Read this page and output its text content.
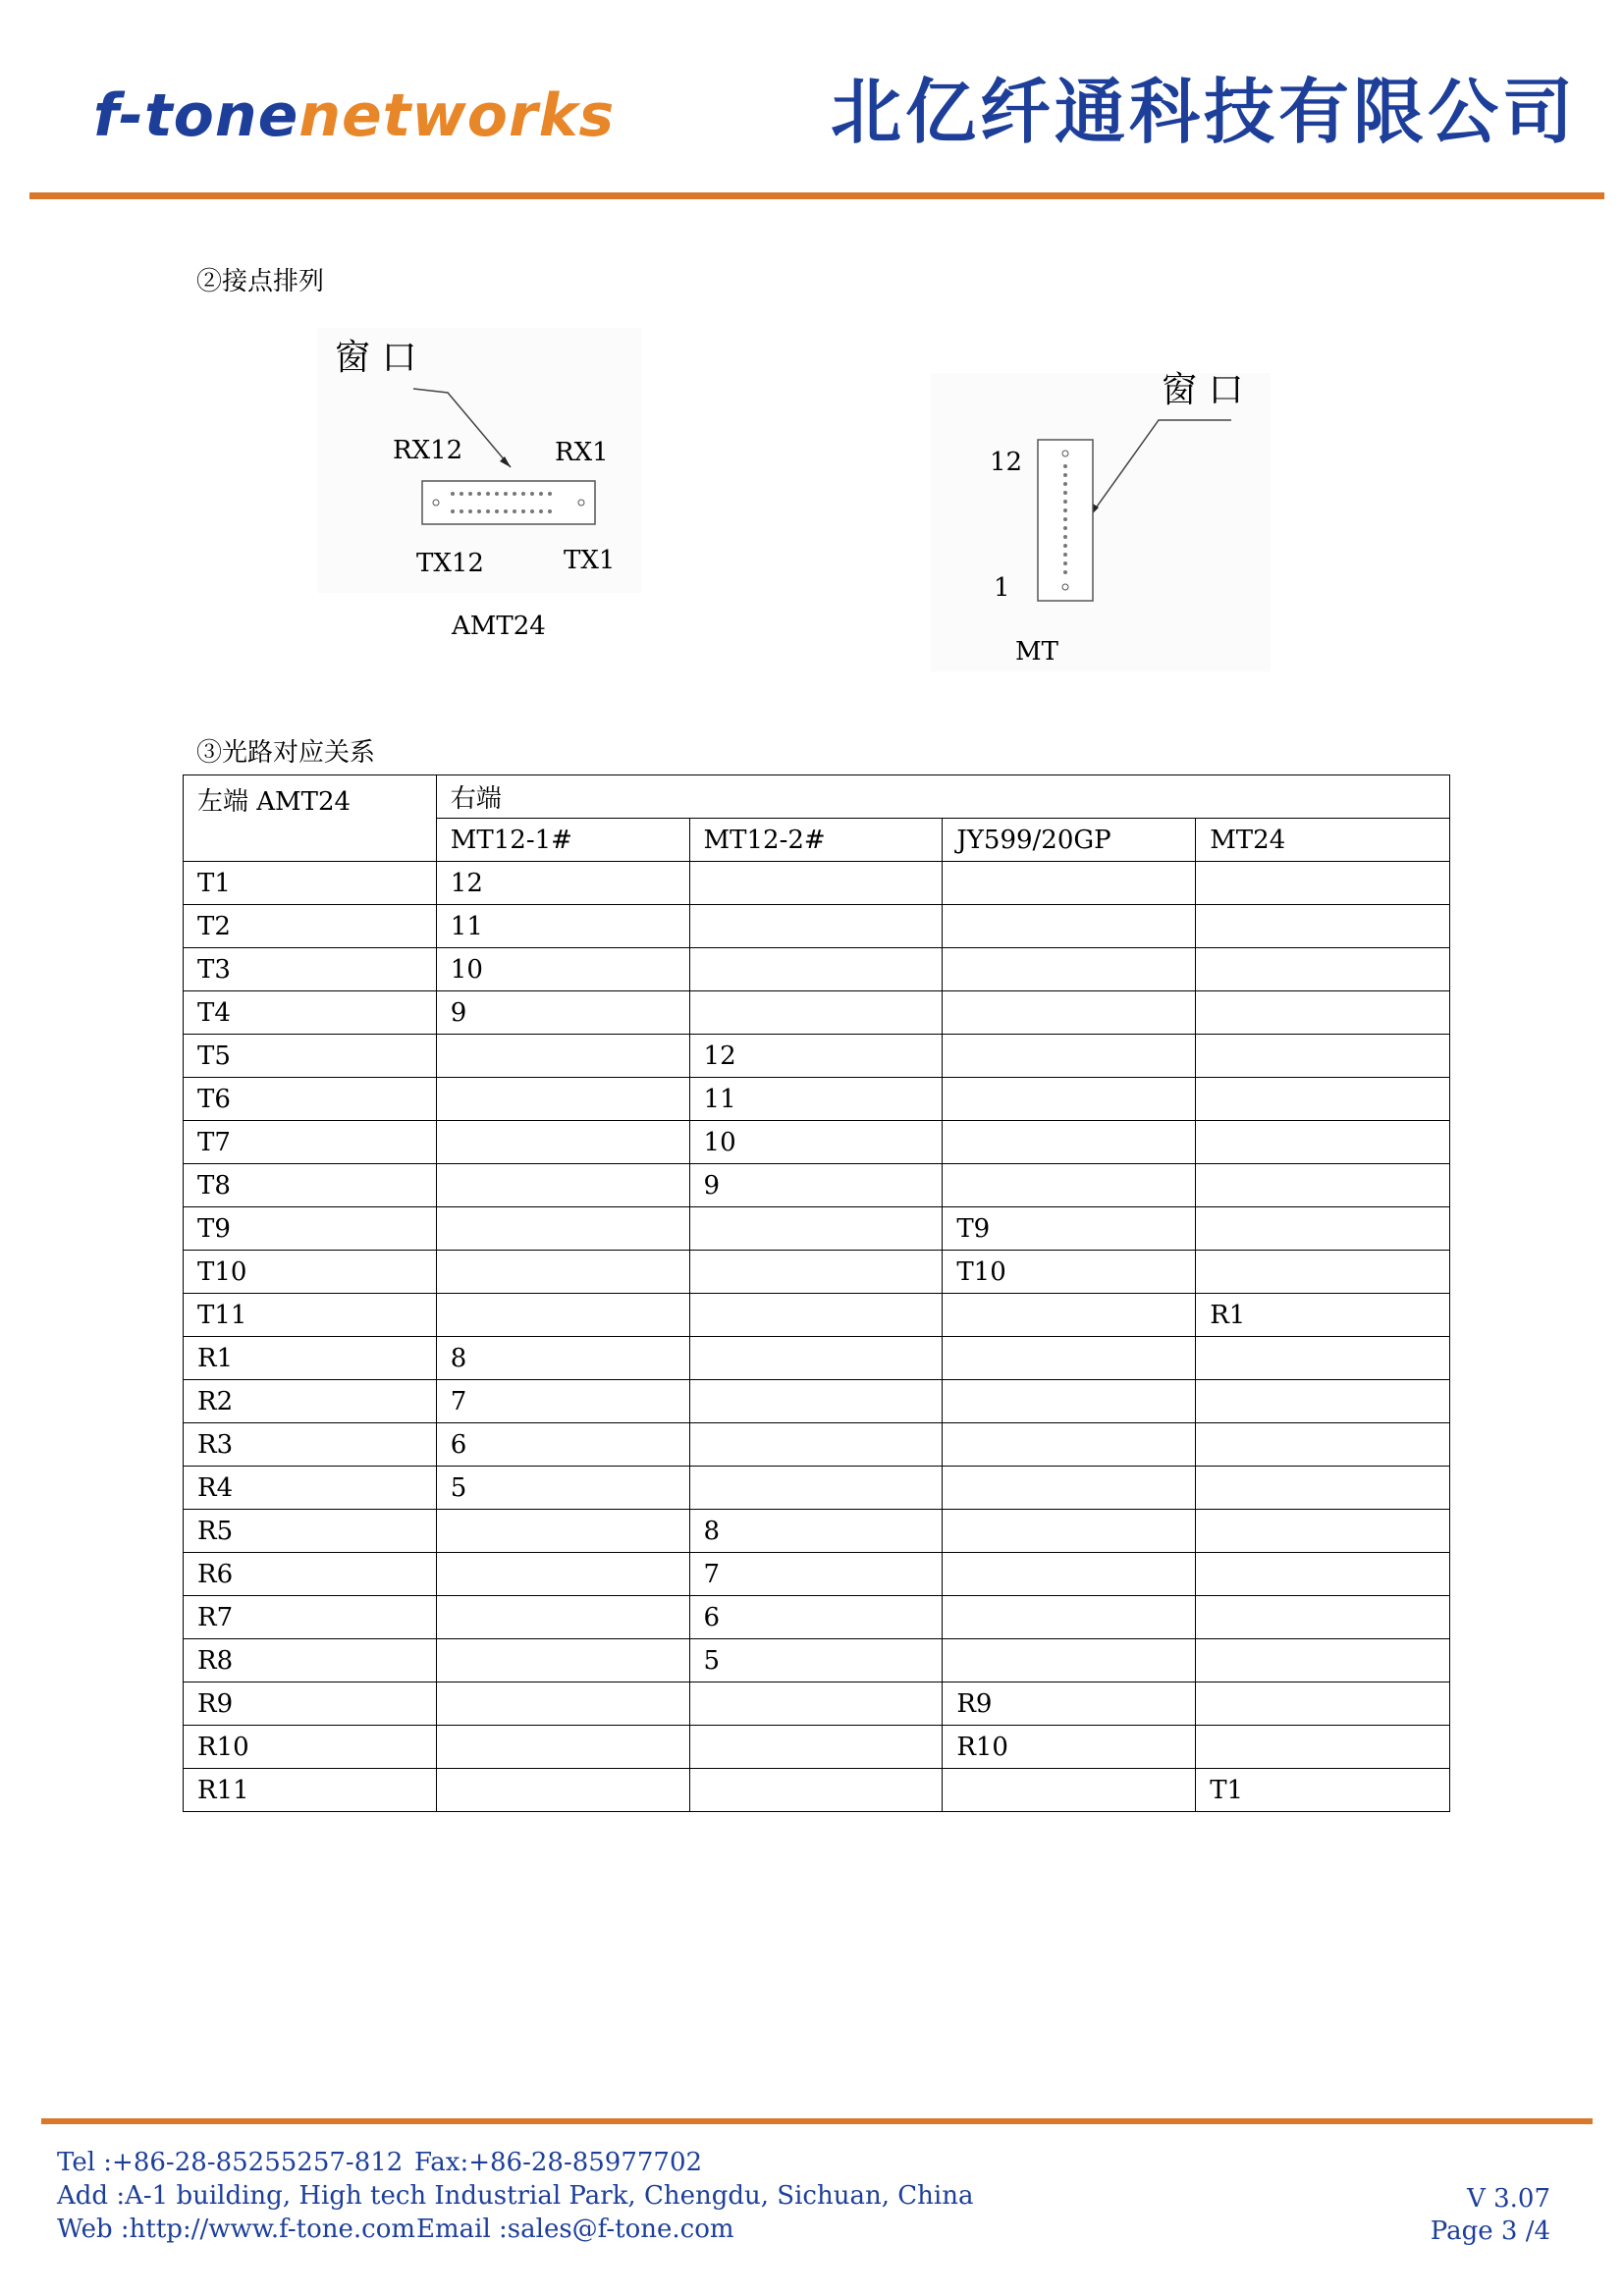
f-tonenetworks	北亿纤通科技有限公司
②接点排列
窗 口
RX12	RX1
TX12	TX1
AMT24
窗 口
12
1
MT
③光路对应关系
左端 AMT24	右端			
	MT12-1#	MT12-2#	JY599/20GP	MT24
T1	12			
T2	11			
T3	10			
T4	9			
T5		12		
T6		11		
T7		10		
T8		9		
T9			T9	
T10			T10	
T11				R1
R1	8			
R2	7			
R3	6			
R4	5			
R5		8		
R6		7		
R7		6		
R8		5		
R9			R9	
R10			R10	
R11				T1
Tel :+86-28-85255257-812 Fax:+86-28-85977702
Add :A-1 building, High tech Industrial Park, Chengdu, Sichuan, China
Web :http://www.f-tone.com Email :sales@f-tone.com
V 3.07
Page 3 /4
